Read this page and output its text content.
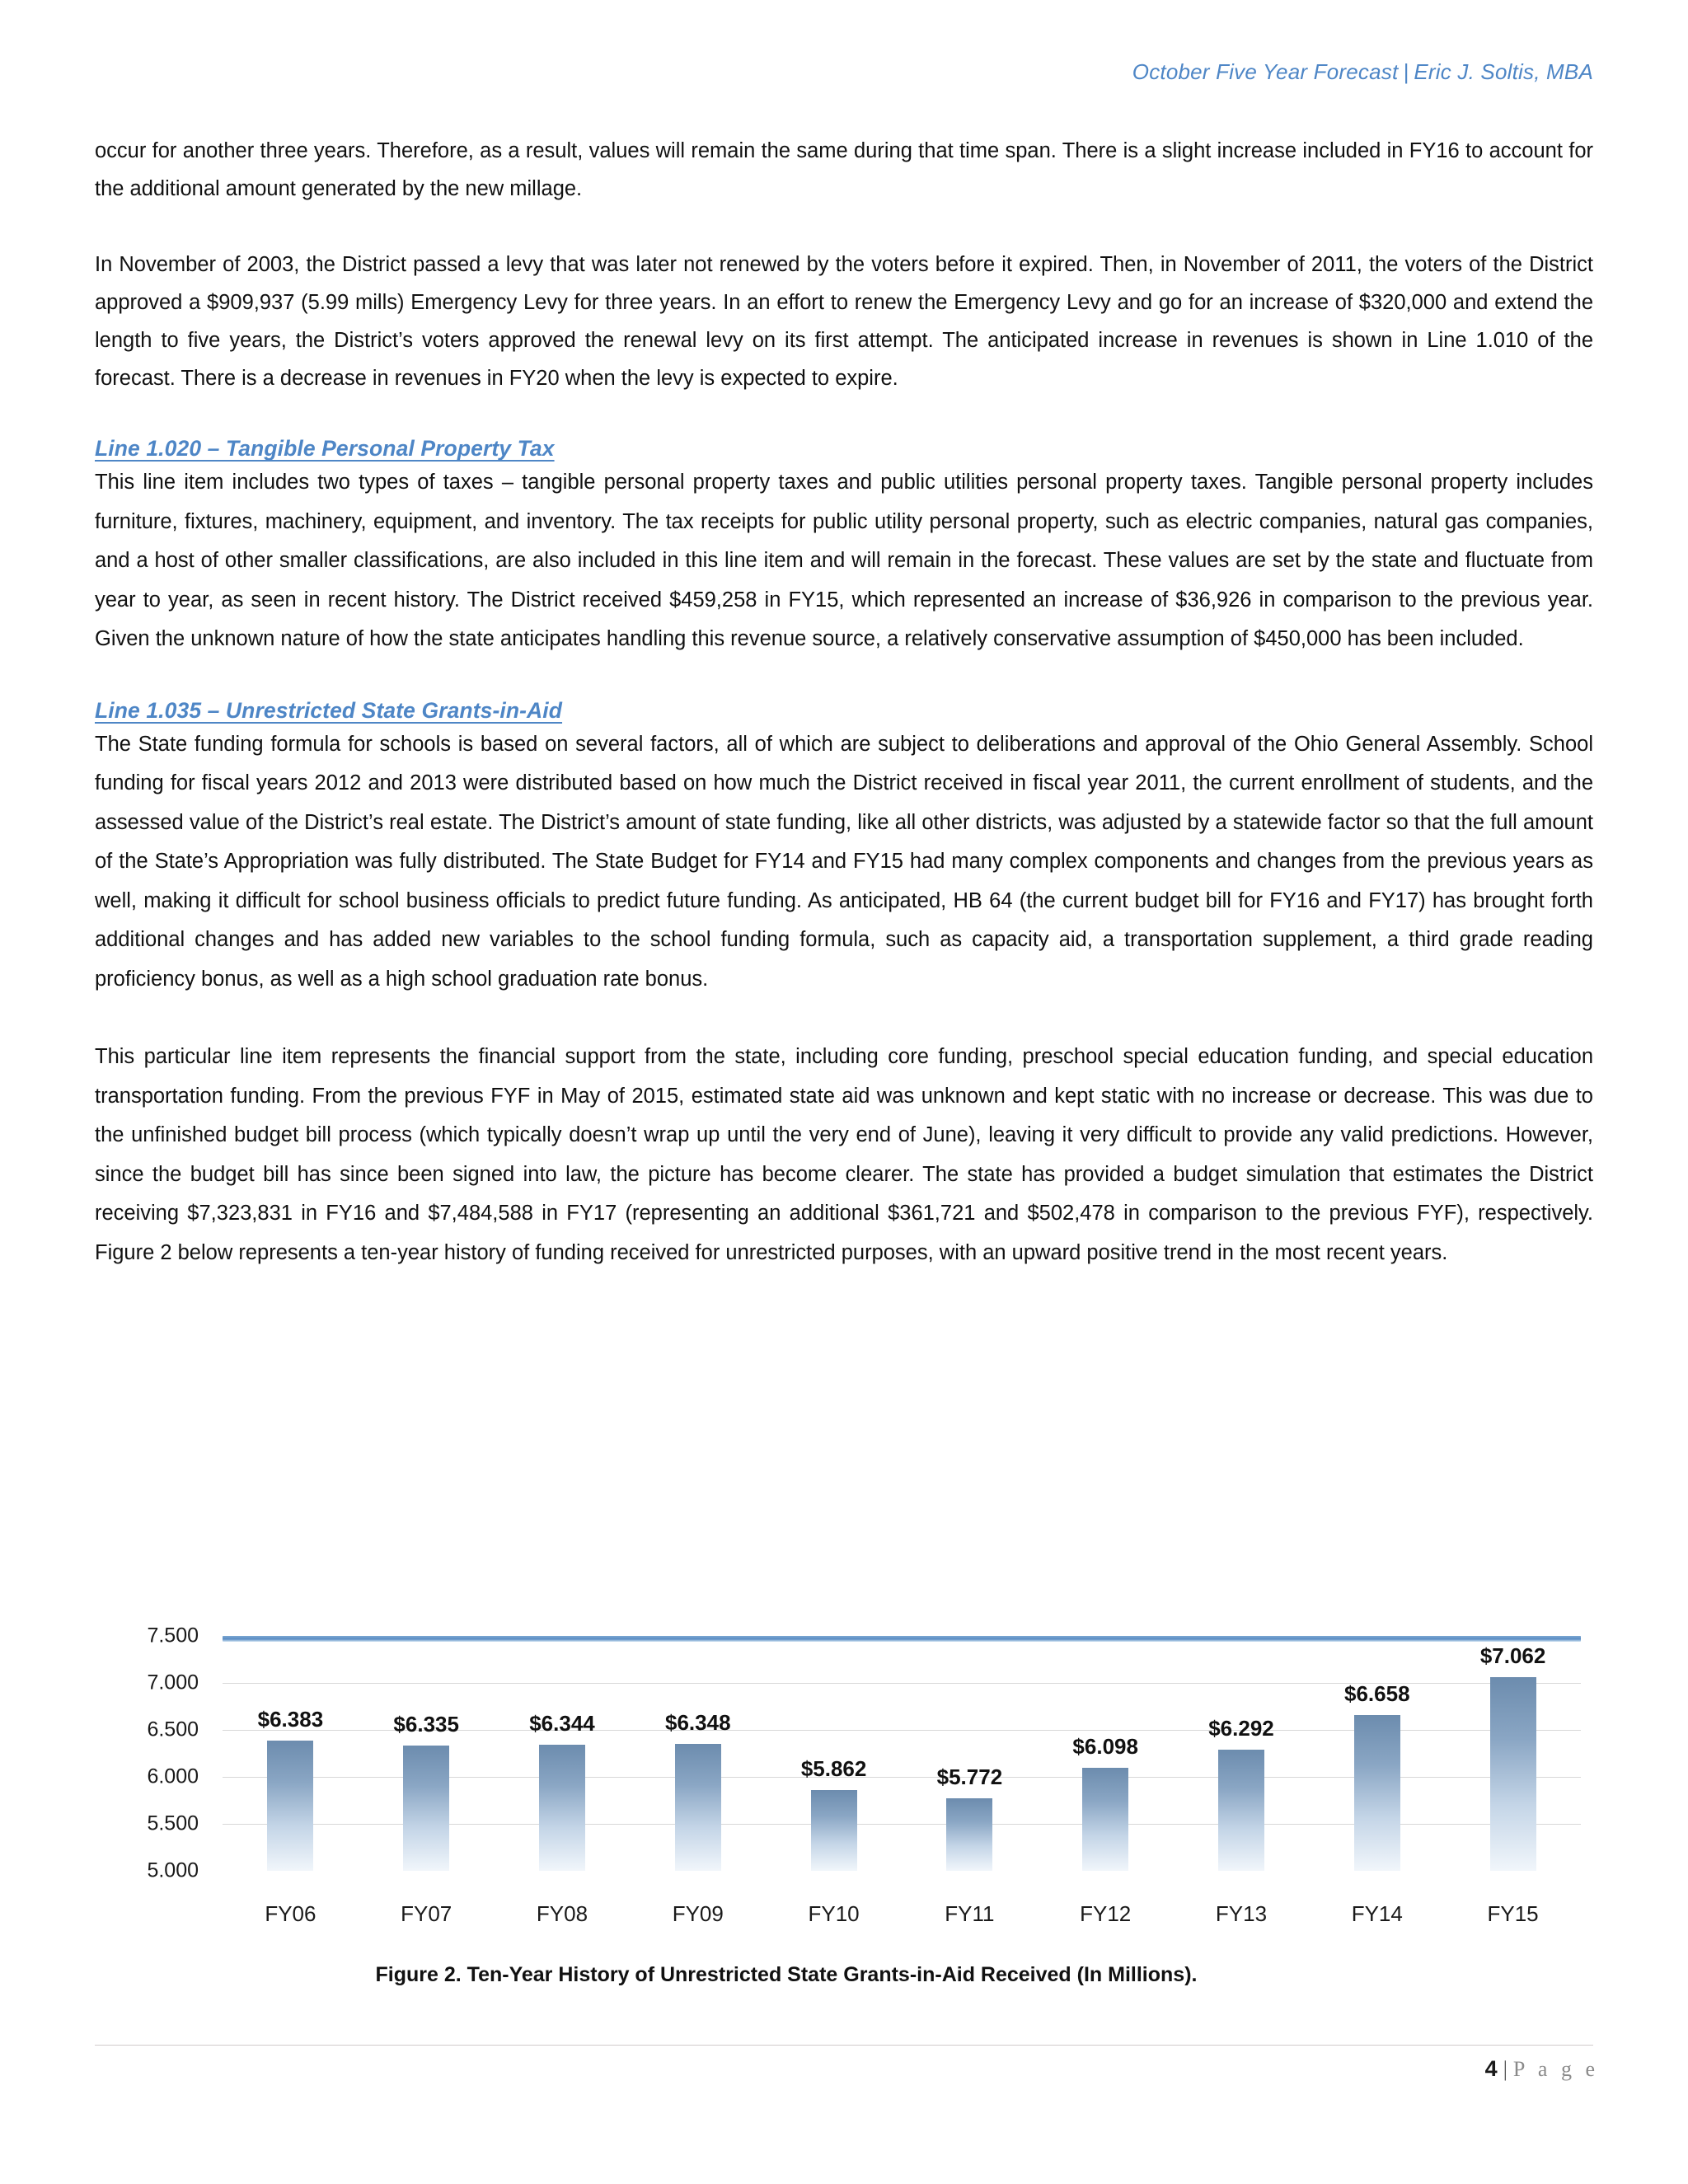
October Five Year Forecast | Eric J. Soltis, MBA

occur for another three years. Therefore, as a result, values will remain the same during that time span. There is a slight increase included in FY16 to account for the additional amount generated by the new millage.

In November of 2003, the District passed a levy that was later not renewed by the voters before it expired. Then, in November of 2011, the voters of the District approved a $909,937 (5.99 mills) Emergency Levy for three years. In an effort to renew the Emergency Levy and go for an increase of $320,000 and extend the length to five years, the District’s voters approved the renewal levy on its first attempt. The anticipated increase in revenues is shown in Line 1.010 of the forecast. There is a decrease in revenues in FY20 when the levy is expected to expire.

Line 1.020 – Tangible Personal Property Tax

This line item includes two types of taxes – tangible personal property taxes and public utilities personal property taxes. Tangible personal property includes furniture, fixtures, machinery, equipment, and inventory. The tax receipts for public utility personal property, such as electric companies, natural gas companies, and a host of other smaller classifications, are also included in this line item and will remain in the forecast. These values are set by the state and fluctuate from year to year, as seen in recent history. The District received $459,258 in FY15, which represented an increase of $36,926 in comparison to the previous year. Given the unknown nature of how the state anticipates handling this revenue source, a relatively conservative assumption of $450,000 has been included.

Line 1.035 – Unrestricted State Grants-in-Aid

The State funding formula for schools is based on several factors, all of which are subject to deliberations and approval of the Ohio General Assembly. School funding for fiscal years 2012 and 2013 were distributed based on how much the District received in fiscal year 2011, the current enrollment of students, and the assessed value of the District’s real estate. The District’s amount of state funding, like all other districts, was adjusted by a statewide factor so that the full amount of the State’s Appropriation was fully distributed. The State Budget for FY14 and FY15 had many complex components and changes from the previous years as well, making it difficult for school business officials to predict future funding. As anticipated, HB 64 (the current budget bill for FY16 and FY17) has brought forth additional changes and has added new variables to the school funding formula, such as capacity aid, a transportation supplement, a third grade reading proficiency bonus, as well as a high school graduation rate bonus.

This particular line item represents the financial support from the state, including core funding, preschool special education funding, and special education transportation funding. From the previous FYF in May of 2015, estimated state aid was unknown and kept static with no increase or decrease. This was due to the unfinished budget bill process (which typically doesn’t wrap up until the very end of June), leaving it very difficult to provide any valid predictions. However, since the budget bill has since been signed into law, the picture has become clearer. The state has provided a budget simulation that estimates the District receiving $7,323,831 in FY16 and $7,484,588 in FY17 (representing an additional $361,721 and $502,478 in comparison to the previous FYF), respectively. Figure 2 below represents a ten-year history of funding received for unrestricted purposes, with an upward positive trend in the most recent years.

5.000
5.500
6.000
6.500
7.000
7.500
$6.383	$6.335	$6.344	$6.348
$5.862	$5.772
$6.098
$6.292
$6.658
$7.062
FY06	FY07	FY08	FY09	FY10	FY11	FY12	FY13	FY14	FY15
Figure 2. Ten-Year History of Unrestricted State Grants-in-Aid Received (In Millions).
4 | P a g e
